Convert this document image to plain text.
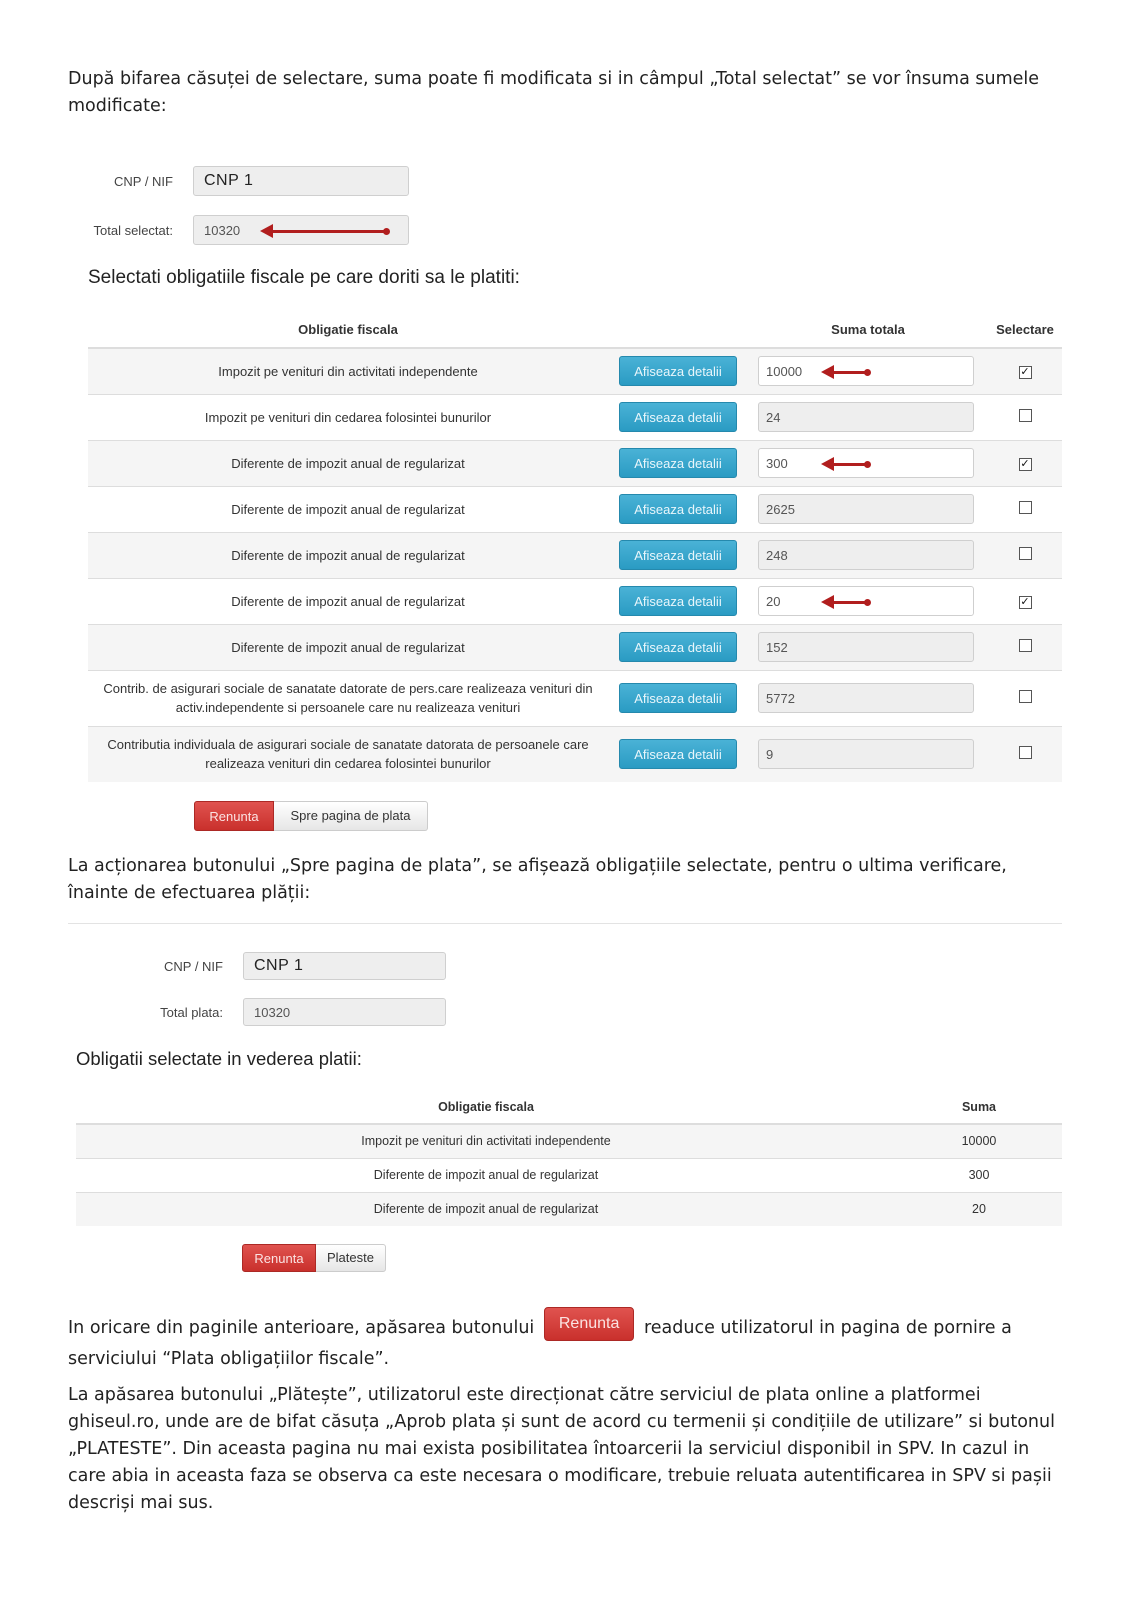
După bifarea căsuței de selectare, suma poate fi modificata si in câmpul „Total selectat” se vor însuma sumele modificate:

CNP / NIF CNP 1
Total selectat: 10320
Selectati obligatiile fiscale pe care doriti sa le platiti:
Obligatie fiscala		Suma totala	Selectare
Impozit pe venituri din activitati independente	Afiseaza detalii	10000	✓
Impozit pe venituri din cedarea folosintei bunurilor	Afiseaza detalii	24	

Diferente de impozit anual de regularizat	Afiseaza detalii	300	✓
Diferente de impozit anual de regularizat	Afiseaza detalii	2625	

Diferente de impozit anual de regularizat	Afiseaza detalii	248	

Diferente de impozit anual de regularizat	Afiseaza detalii	20	✓
Diferente de impozit anual de regularizat	Afiseaza detalii	152	

Contrib. de asigurari sociale de sanatate datorate de pers.care realizeaza venituri din activ.independente si persoanele care nu realizeaza venituri	Afiseaza detalii	5772	

Contributia individuala de asigurari sociale de sanatate datorata de persoanele care realizeaza venituri din cedarea folosintei bunurilor	Afiseaza detalii	9	

Renunta	Spre pagina de plata

La acționarea butonului „Spre pagina de plata”, se afișează obligațiile selectate, pentru o ultima verificare, înainte de efectuarea plății:

CNP / NIF CNP 1
Total plata: 10320
Obligatii selectate in vederea platii:
Obligatie fiscala	Suma
Impozit pe venituri din activitati independente	10000
Diferente de impozit anual de regularizat	300
Diferente de impozit anual de regularizat	20
Renunta	Plateste

In oricare din paginile anterioare, apăsarea butonului Renunta readuce utilizatorul in pagina de pornire a serviciului “Plata obligațiilor fiscale”.

La apăsarea butonului „Plătește”, utilizatorul este direcționat către serviciul de plata online a platformei ghiseul.ro, unde are de bifat căsuța „Aprob plata și sunt de acord cu termenii și condițiile de utilizare” si butonul „PLATESTE”. Din aceasta pagina nu mai exista posibilitatea întoarcerii la serviciul disponibil in SPV. In cazul in care abia in aceasta faza se observa ca este necesara o modificare, trebuie reluata autentificarea in SPV si pașii descriși mai sus.
